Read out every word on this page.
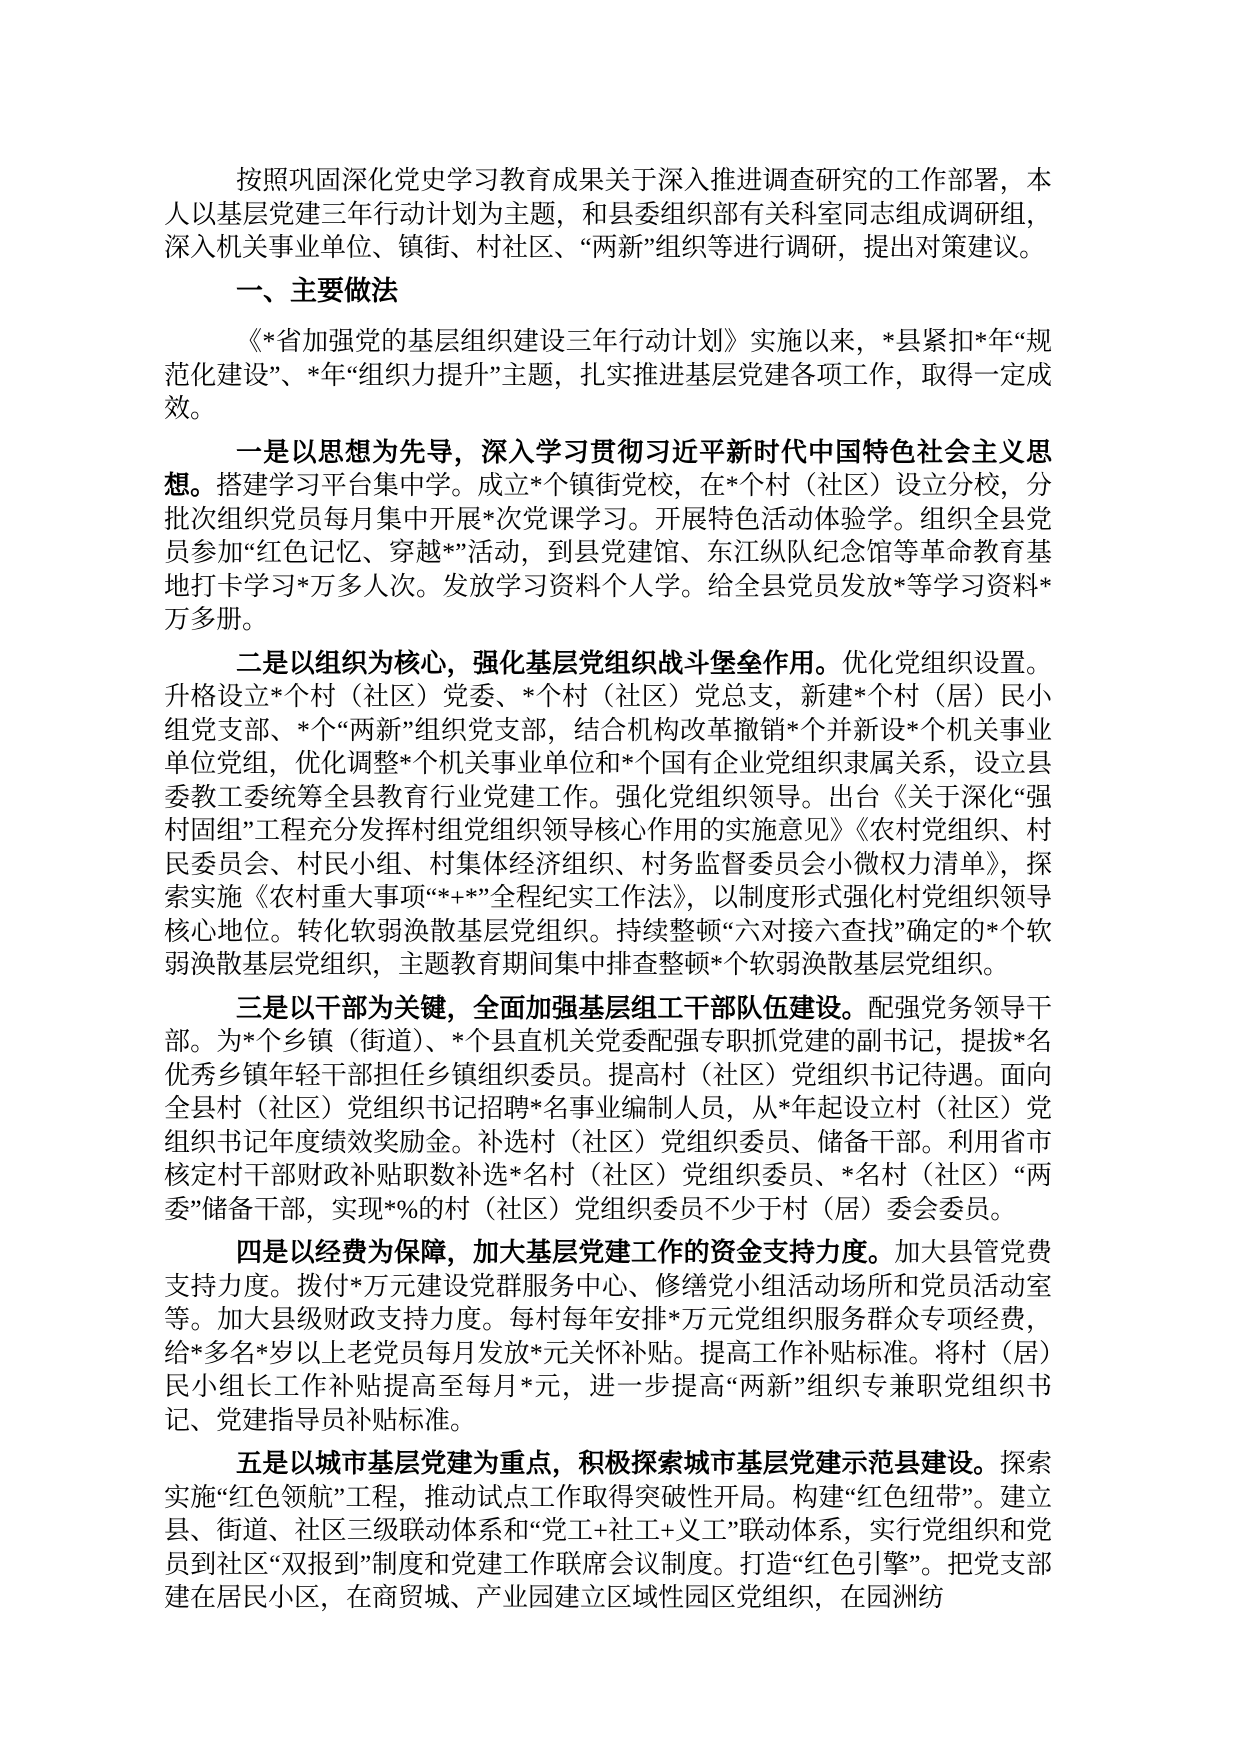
按照巩固深化党史学习教育成果关于深入推进调查研究的工作部署，本人以基层党建三年行动计划为主题，和县委组织部有关科室同志组成调研组，深入机关事业单位、镇街、村社区、“两新”组织等进行调研，提出对策建议。

一、主要做法

《*省加强党的基层组织建设三年行动计划》实施以来，*县紧扣*年“规范化建设”、*年“组织力提升”主题，扎实推进基层党建各项工作，取得一定成效。

一是以思想为先导，深入学习贯彻习近平新时代中国特色社会主义思想。搭建学习平台集中学。成立*个镇街党校，在*个村（社区）设立分校，分批次组织党员每月集中开展*次党课学习。开展特色活动体验学。组织全县党员参加“红色记忆、穿越*”活动，到县党建馆、东江纵队纪念馆等革命教育基地打卡学习*万多人次。发放学习资料个人学。给全县党员发放*等学习资料*万多册。

二是以组织为核心，强化基层党组织战斗堡垒作用。优化党组织设置。升格设立*个村（社区）党委、*个村（社区）党总支，新建*个村（居）民小组党支部、*个“两新”组织党支部，结合机构改革撤销*个并新设*个机关事业单位党组，优化调整*个机关事业单位和*个国有企业党组织隶属关系，设立县委教工委统筹全县教育行业党建工作。强化党组织领导。出台《关于深化“强村固组”工程充分发挥村组党组织领导核心作用的实施意见》《农村党组织、村民委员会、村民小组、村集体经济组织、村务监督委员会小微权力清单》，探索实施《农村重大事项“*+*”全程纪实工作法》，以制度形式强化村党组织领导核心地位。转化软弱涣散基层党组织。持续整顿“六对接六查找”确定的*个软弱涣散基层党组织，主题教育期间集中排查整顿*个软弱涣散基层党组织。

三是以干部为关键，全面加强基层组工干部队伍建设。配强党务领导干部。为*个乡镇（街道）、*个县直机关党委配强专职抓党建的副书记，提拔*名优秀乡镇年轻干部担任乡镇组织委员。提高村（社区）党组织书记待遇。面向全县村（社区）党组织书记招聘*名事业编制人员，从*年起设立村（社区）党组织书记年度绩效奖励金。补选村（社区）党组织委员、储备干部。利用省市核定村干部财政补贴职数补选*名村（社区）党组织委员、*名村（社区）“两委”储备干部，实现*%的村（社区）党组织委员不少于村（居）委会委员。

四是以经费为保障，加大基层党建工作的资金支持力度。加大县管党费支持力度。拨付*万元建设党群服务中心、修缮党小组活动场所和党员活动室等。加大县级财政支持力度。每村每年安排*万元党组织服务群众专项经费，给*多名*岁以上老党员每月发放*元关怀补贴。提高工作补贴标准。将村（居）民小组长工作补贴提高至每月*元，进一步提高“两新”组织专兼职党组织书记、党建指导员补贴标准。

五是以城市基层党建为重点，积极探索城市基层党建示范县建设。探索实施“红色领航”工程，推动试点工作取得突破性开局。构建“红色纽带”。建立县、街道、社区三级联动体系和“党工+社工+义工”联动体系，实行党组织和党员到社区“双报到”制度和党建工作联席会议制度。打造“红色引擎”。把党支部建在居民小区，在商贸城、产业园建立区域性园区党组织，在园洲纺
